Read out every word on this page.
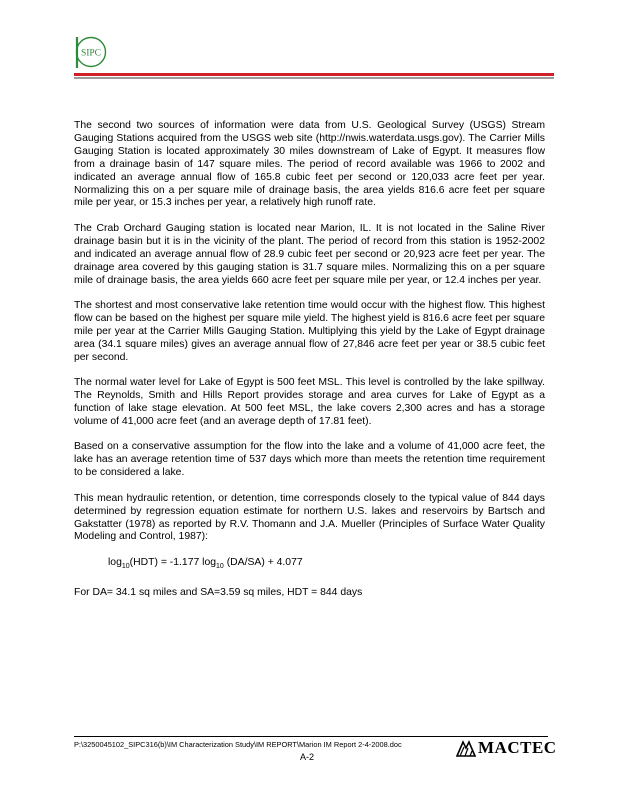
SIPC

The second two sources of information were data from U.S. Geological Survey (USGS) Stream Gauging Stations acquired from the USGS web site (http://nwis.waterdata.usgs.gov). The Carrier Mills Gauging Station is located approximately 30 miles downstream of Lake of Egypt. It measures flow from a drainage basin of 147 square miles. The period of record available was 1966 to 2002 and indicated an average annual flow of 165.8 cubic feet per second or 120,033 acre feet per year. Normalizing this on a per square mile of drainage basis, the area yields 816.6 acre feet per square mile per year, or 15.3 inches per year, a relatively high runoff rate.

The Crab Orchard Gauging station is located near Marion, IL. It is not located in the Saline River drainage basin but it is in the vicinity of the plant. The period of record from this station is 1952-2002 and indicated an average annual flow of 28.9 cubic feet per second or 20,923 acre feet per year. The drainage area covered by this gauging station is 31.7 square miles. Normalizing this on a per square mile of drainage basis, the area yields 660 acre feet per square mile per year, or 12.4 inches per year.

The shortest and most conservative lake retention time would occur with the highest flow. This highest flow can be based on the highest per square mile yield. The highest yield is 816.6 acre feet per square mile per year at the Carrier Mills Gauging Station. Multiplying this yield by the Lake of Egypt drainage area (34.1 square miles) gives an average annual flow of 27,846 acre feet per year or 38.5 cubic feet per second.

The normal water level for Lake of Egypt is 500 feet MSL. This level is controlled by the lake spillway. The Reynolds, Smith and Hills Report provides storage and area curves for Lake of Egypt as a function of lake stage elevation. At 500 feet MSL, the lake covers 2,300 acres and has a storage volume of 41,000 acre feet (and an average depth of 17.81 feet).

Based on a conservative assumption for the flow into the lake and a volume of 41,000 acre feet, the lake has an average retention time of 537 days which more than meets the retention time requirement to be considered a lake.

This mean hydraulic retention, or detention, time corresponds closely to the typical value of 844 days determined by regression equation estimate for northern U.S. lakes and reservoirs by Bartsch and Gakstatter (1978) as reported by R.V. Thomann and J.A. Mueller (Principles of Surface Water Quality Modeling and Control, 1987):

$\log_{10}(HDT) = -1.177$ $\log_{10} (DA/SA) + 4.077$

For DA= 34.1 sq miles and SA=3.59 sq miles, HDT = 844 days

P:\3250045102_SIPC316(b)\IM Characterization Study\IM REPORT\Marion IM Report 2-4-2008.doc
A-2	MACTEC
